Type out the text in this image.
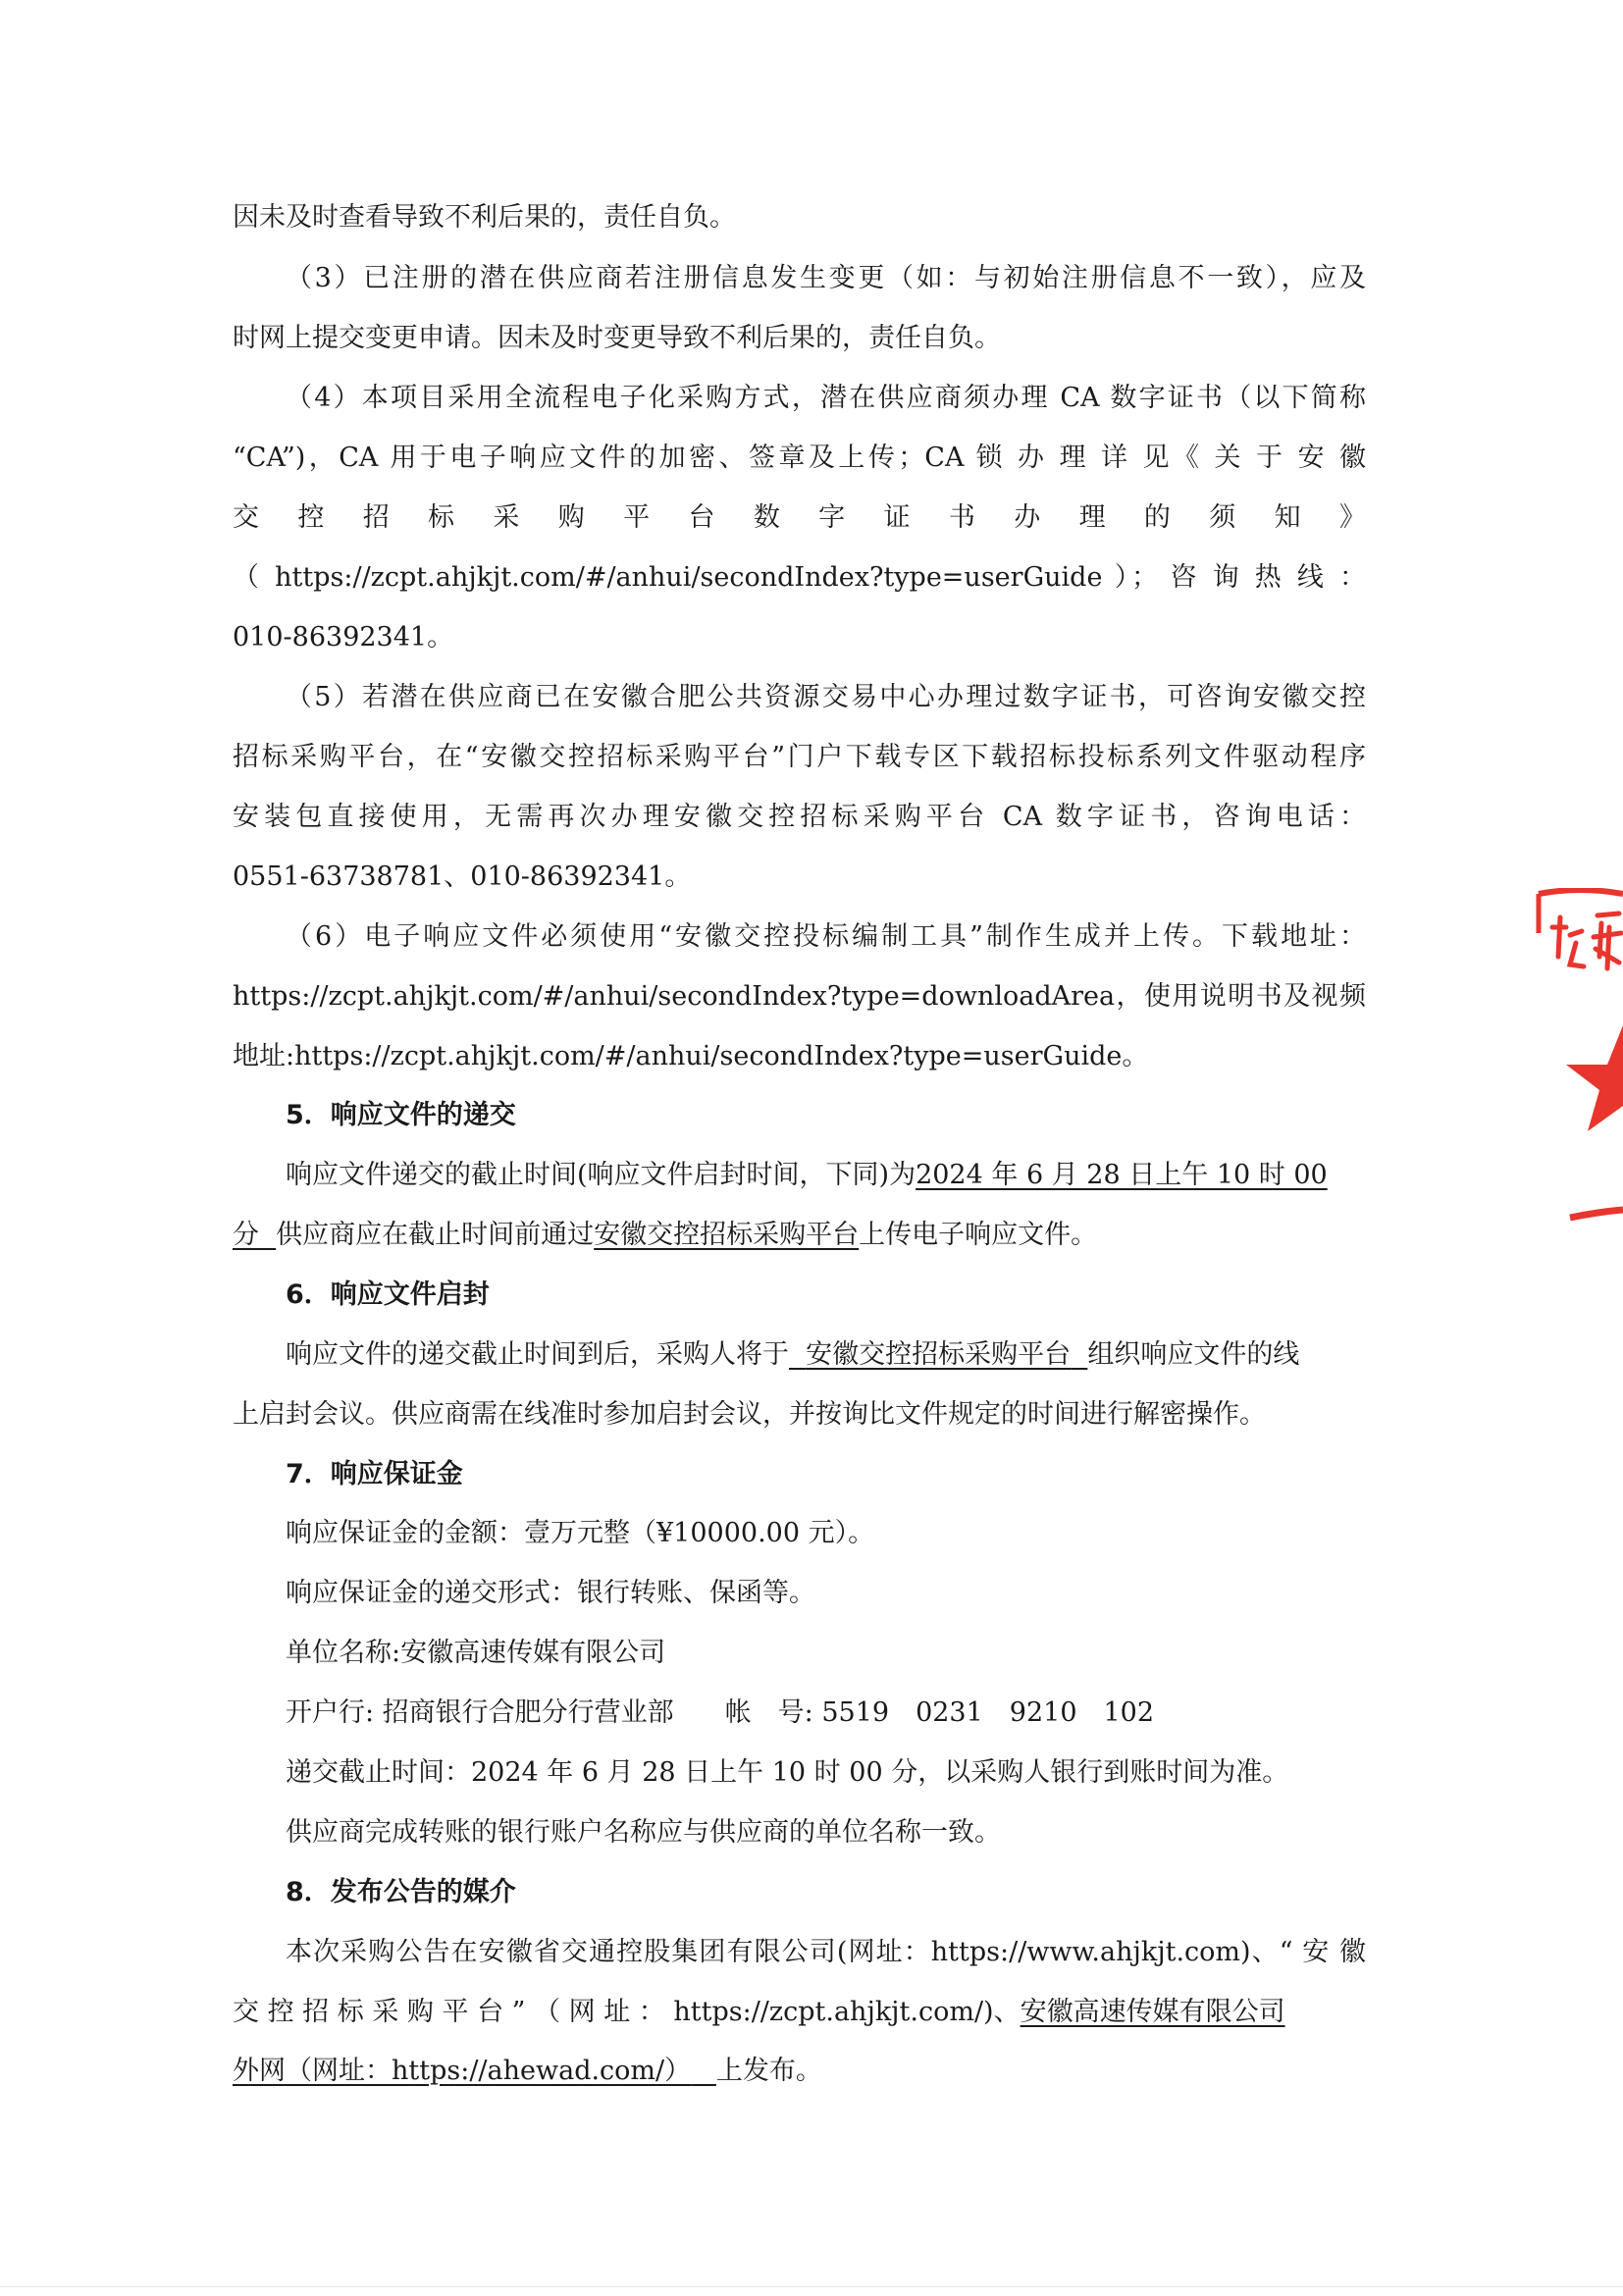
因未及时查看导致不利后果的，责任自负。
（3）已注册的潜在供应商若注册信息发生变更（如：与初始注册信息不一致），应及
时网上提交变更申请。因未及时变更导致不利后果的，责任自负。
（4）本项目采用全流程电子化采购方式，潜在供应商须办理 CA 数字证书（以下简称
“CA”)，CA 用于电子响应文件的加密、签章及上传；CA 锁 办 理 详 见《 关 于 安 徽
交 控 招 标 采 购 平 台 数 字 证 书 办 理 的 须 知 》
（ https://zcpt.ahjkjt.com/#/anhui/secondIndex?type=userGuide ）； 咨 询 热 线 ：
010-86392341。
（5）若潜在供应商已在安徽合肥公共资源交易中心办理过数字证书，可咨询安徽交控
招标采购平台，在“安徽交控招标采购平台”门户下载专区下载招标投标系列文件驱动程序
安装包直接使用，无需再次办理安徽交控招标采购平台 CA 数字证书，咨询电话：
0551-63738781、010-86392341。
（6）电子响应文件必须使用“安徽交控投标编制工具”制作生成并上传。下载地址：
https://zcpt.ahjkjt.com/#/anhui/secondIndex?type=downloadArea，使用说明书及视频
地址:https://zcpt.ahjkjt.com/#/anhui/secondIndex?type=userGuide。
5．响应文件的递交
响应文件递交的截止时间(响应文件启封时间，下同)为2024 年 6 月 28 日上午 10 时 00
分 供应商应在截止时间前通过安徽交控招标采购平台上传电子响应文件。
6．响应文件启封
响应文件的递交截止时间到后，采购人将于 安徽交控招标采购平台 组织响应文件的线
上启封会议。供应商需在线准时参加启封会议，并按询比文件规定的时间进行解密操作。
7．响应保证金
响应保证金的金额：壹万元整（¥10000.00 元）。
响应保证金的递交形式：银行转账、保函等。
单位名称:安徽高速传媒有限公司
开户行: 招商银行合肥分行营业部 帐　号: 5519　0231　9210　102
递交截止时间：2024 年 6 月 28 日上午 10 时 00 分，以采购人银行到账时间为准。
供应商完成转账的银行账户名称应与供应商的单位名称一致。
8．发布公告的媒介
本次采购公告在安徽省交通控股集团有限公司(网址：https://www.ahjkjt.com)、“ 安 徽
交 控 招 标 采 购 平 台 ” （ 网 址 ： https://zcpt.ahjkjt.com/)、安徽高速传媒有限公司
外网（网址：https://ahewad.com/） 上发布。
